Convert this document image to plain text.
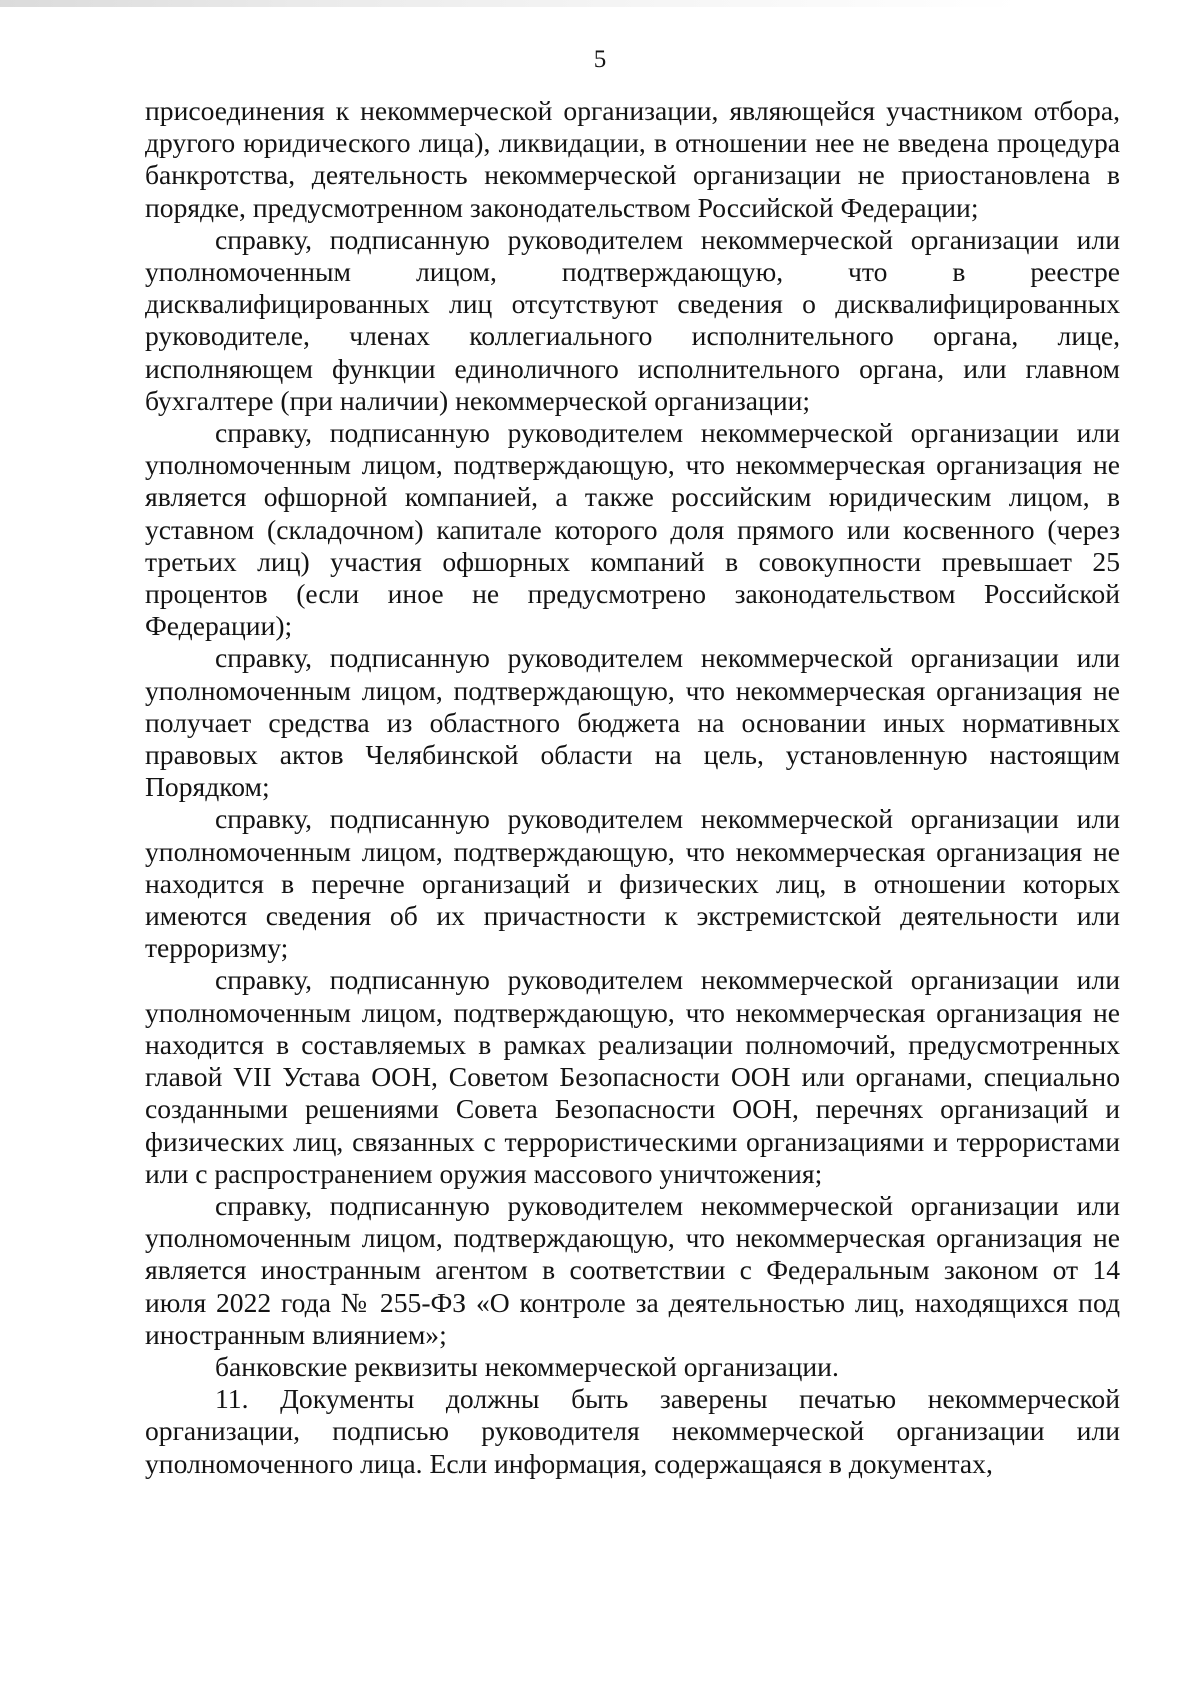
5

присоединения к некоммерческой организации, являющейся участником отбора, другого юридического лица), ликвидации, в отношении нее не введена процедура банкротства, деятельность некоммерческой организации не приостановлена в порядке, предусмотренном законодательством Российской Федерации;

справку, подписанную руководителем некоммерческой организации или уполномоченным лицом, подтверждающую, что в реестре дисквалифицированных лиц отсутствуют сведения о дисквалифицированных руководителе, членах коллегиального исполнительного органа, лице, исполняющем функции единоличного исполнительного органа, или главном бухгалтере (при наличии) некоммерческой организации;

справку, подписанную руководителем некоммерческой организации или уполномоченным лицом, подтверждающую, что некоммерческая организация не является офшорной компанией, а также российским юридическим лицом, в уставном (складочном) капитале которого доля прямого или косвенного (через третьих лиц) участия офшорных компаний в совокупности превышает 25 процентов (если иное не предусмотрено законодательством Российской Федерации);

справку, подписанную руководителем некоммерческой организации или уполномоченным лицом, подтверждающую, что некоммерческая организация не получает средства из областного бюджета на основании иных нормативных правовых актов Челябинской области на цель, установленную настоящим Порядком;

справку, подписанную руководителем некоммерческой организации или уполномоченным лицом, подтверждающую, что некоммерческая организация не находится в перечне организаций и физических лиц, в отношении которых имеются сведения об их причастности к экстремистской деятельности или терроризму;

справку, подписанную руководителем некоммерческой организации или уполномоченным лицом, подтверждающую, что некоммерческая организация не находится в составляемых в рамках реализации полномочий, предусмотренных главой VII Устава ООН, Советом Безопасности ООН или органами, специально созданными решениями Совета Безопасности ООН, перечнях организаций и физических лиц, связанных с террористическими организациями и террористами или с распространением оружия массового уничтожения;

справку, подписанную руководителем некоммерческой организации или уполномоченным лицом, подтверждающую, что некоммерческая организация не является иностранным агентом в соответствии с Федеральным законом от 14 июля 2022 года № 255-ФЗ «О контроле за деятельностью лиц, находящихся под иностранным влиянием»;

банковские реквизиты некоммерческой организации.

11. Документы должны быть заверены печатью некоммерческой организации, подписью руководителя некоммерческой организации или уполномоченного лица. Если информация, содержащаяся в документах,
